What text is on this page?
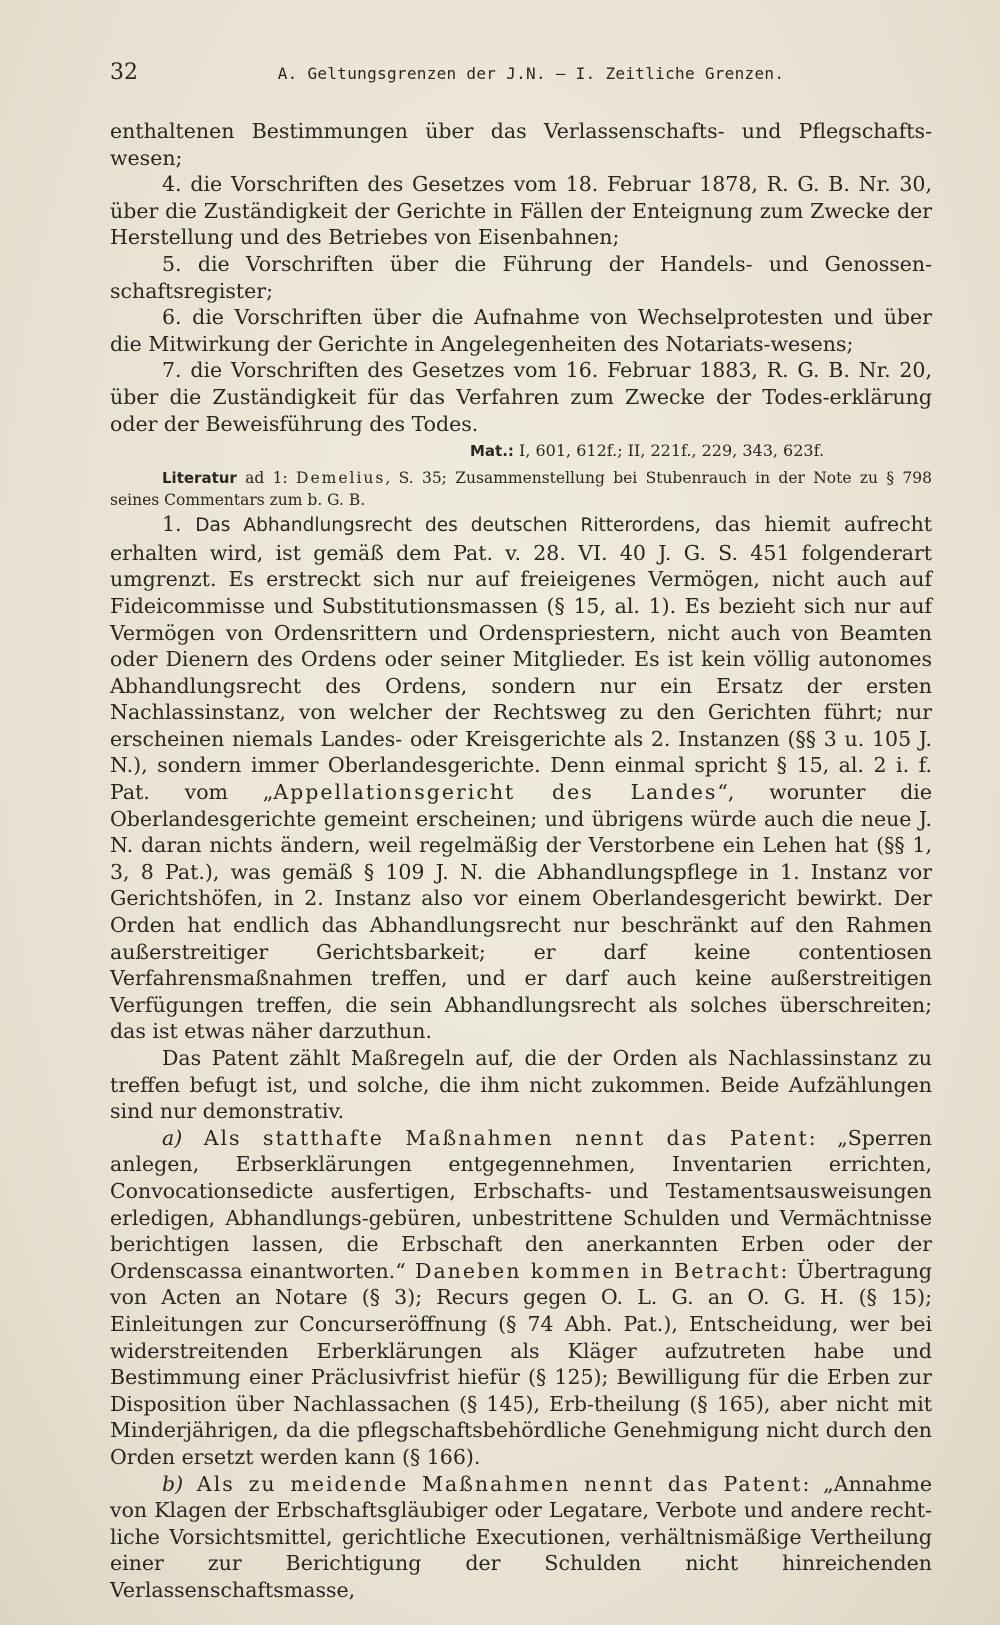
32	A. Geltungsgrenzen der J.N. — I. Zeitliche Grenzen.

enthaltenen Bestimmungen über das Verlassenschafts- und Pflegschafts-wesen;

4. die Vorschriften des Gesetzes vom 18. Februar 1878, R. G. B. Nr. 30, über die Zuständigkeit der Gerichte in Fällen der Enteignung zum Zwecke der Herstellung und des Betriebes von Eisenbahnen;

5. die Vorschriften über die Führung der Handels- und Genossen-schaftsregister;

6. die Vorschriften über die Aufnahme von Wechselprotesten und über die Mitwirkung der Gerichte in Angelegenheiten des Notariats-wesens;

7. die Vorschriften des Gesetzes vom 16. Februar 1883, R. G. B. Nr. 20, über die Zuständigkeit für das Verfahren zum Zwecke der Todes-erklärung oder der Beweisführung des Todes.

Mat.: I, 601, 612f.; II, 221f., 229, 343, 623f.

Literatur ad 1: Demelius, S. 35; Zusammenstellung bei Stubenrauch in der Note zu § 798 seines Commentars zum b. G. B.

1. Das Abhandlungsrecht des deutschen Ritterordens, das hiemit aufrecht erhalten wird, ist gemäß dem Pat. v. 28. VI. 40 J. G. S. 451 folgenderart umgrenzt. Es erstreckt sich nur auf freieigenes Vermögen, nicht auch auf Fideicommisse und Substitutionsmassen (§ 15, al. 1). Es bezieht sich nur auf Vermögen von Ordensrittern und Ordenspriestern, nicht auch von Beamten oder Dienern des Ordens oder seiner Mitglieder. Es ist kein völlig autonomes Abhandlungsrecht des Ordens, sondern nur ein Ersatz der ersten Nachlassinstanz, von welcher der Rechtsweg zu den Gerichten führt; nur erscheinen niemals Landes- oder Kreisgerichte als 2. Instanzen (§§ 3 u. 105 J. N.), sondern immer Oberlandesgerichte. Denn einmal spricht § 15, al. 2 i. f. Pat. vom „Appellationsgericht des Landes“, worunter die Oberlandesgerichte gemeint erscheinen; und übrigens würde auch die neue J. N. daran nichts ändern, weil regelmäßig der Verstorbene ein Lehen hat (§§ 1, 3, 8 Pat.), was gemäß § 109 J. N. die Abhandlungspflege in 1. Instanz vor Gerichtshöfen, in 2. Instanz also vor einem Oberlandesgericht bewirkt. Der Orden hat endlich das Abhandlungsrecht nur beschränkt auf den Rahmen außerstreitiger Gerichtsbarkeit; er darf keine contentiosen Verfahrensmaßnahmen treffen, und er darf auch keine außerstreitigen Verfügungen treffen, die sein Abhandlungsrecht als solches überschreiten; das ist etwas näher darzuthun.

Das Patent zählt Maßregeln auf, die der Orden als Nachlassinstanz zu treffen befugt ist, und solche, die ihm nicht zukommen. Beide Aufzählungen sind nur demonstrativ.

a) Als statthafte Maßnahmen nennt das Patent: „Sperren anlegen, Erbserklärungen entgegennehmen, Inventarien errichten, Convocationsedicte ausfertigen, Erbschafts- und Testamentsausweisungen erledigen, Abhandlungs-gebüren, unbestrittene Schulden und Vermächtnisse berichtigen lassen, die Erbschaft den anerkannten Erben oder der Ordenscassa einantworten.“ Daneben kommen in Betracht: Übertragung von Acten an Notare (§ 3); Recurs gegen O. L. G. an O. G. H. (§ 15); Einleitungen zur Concurseröffnung (§ 74 Abh. Pat.), Entscheidung, wer bei widerstreitenden Erberklärungen als Kläger aufzutreten habe und Bestimmung einer Präclusivfrist hiefür (§ 125); Bewilligung für die Erben zur Disposition über Nachlassachen (§ 145), Erb-theilung (§ 165), aber nicht mit Minderjährigen, da die pflegschaftsbehördliche Genehmigung nicht durch den Orden ersetzt werden kann (§ 166).

b) Als zu meidende Maßnahmen nennt das Patent: „Annahme von Klagen der Erbschaftsgläubiger oder Legatare, Verbote und andere recht-liche Vorsichtsmittel, gerichtliche Executionen, verhältnismäßige Vertheilung einer zur Berichtigung der Schulden nicht hinreichenden Verlassenschaftsmasse,
